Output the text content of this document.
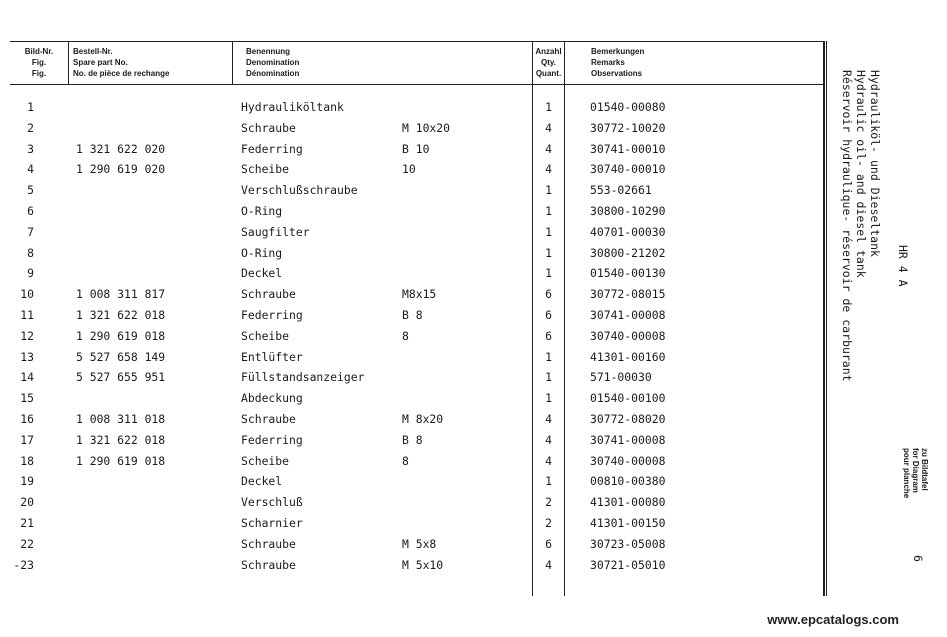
Bild-Nr.
Fig.
Fig.
Bestell-Nr.
Spare part No.
No. de pièce de rechange
Benennung
Denomination
Dénomination
Anzahl
Qty.
Quant.
Bemerkungen
Remarks
Observations
1	Hydrauliköltank	1	01540-00080
2	Schraube	M 10x20	4	30772-10020
3	1 321 622 020	Federring	B 10	4	30741-00010
4	1 290 619 020	Scheibe	10	4	30740-00010
5	Verschlußschraube	1	553-02661
6	O-Ring	1	30800-10290
7	Saugfilter	1	40701-00030
8	O-Ring	1	30800-21202
9	Deckel	1	01540-00130
10	1 008 311 817	Schraube	M8x15	6	30772-08015
11	1 321 622 018	Federring	B 8	6	30741-00008
12	1 290 619 018	Scheibe	8	6	30740-00008
13	5 527 658 149	Entlüfter	1	41301-00160
14	5 527 655 951	Füllstandsanzeiger	1	571-00030
15	Abdeckung	1	01540-00100
16	1 008 311 018	Schraube	M 8x20	4	30772-08020
17	1 321 622 018	Federring	B 8	4	30741-00008
18	1 290 619 018	Scheibe	8	4	30740-00008
19	Deckel	1	00810-00380
20	Verschluß	2	41301-00080
21	Scharnier	2	41301-00150
22	Schraube	M 5x8	6	30723-05008
-23	Schraube	M 5x10	4	30721-05010
Hydrauliköl- und Dieseltank
Hydraulic oil- and diesel tank
Réservoir hydraulique- réservoir de carburant	HR 4 A
zu Bildtafel
for Diagram
pour planche
6
www.epcatalogs.com
